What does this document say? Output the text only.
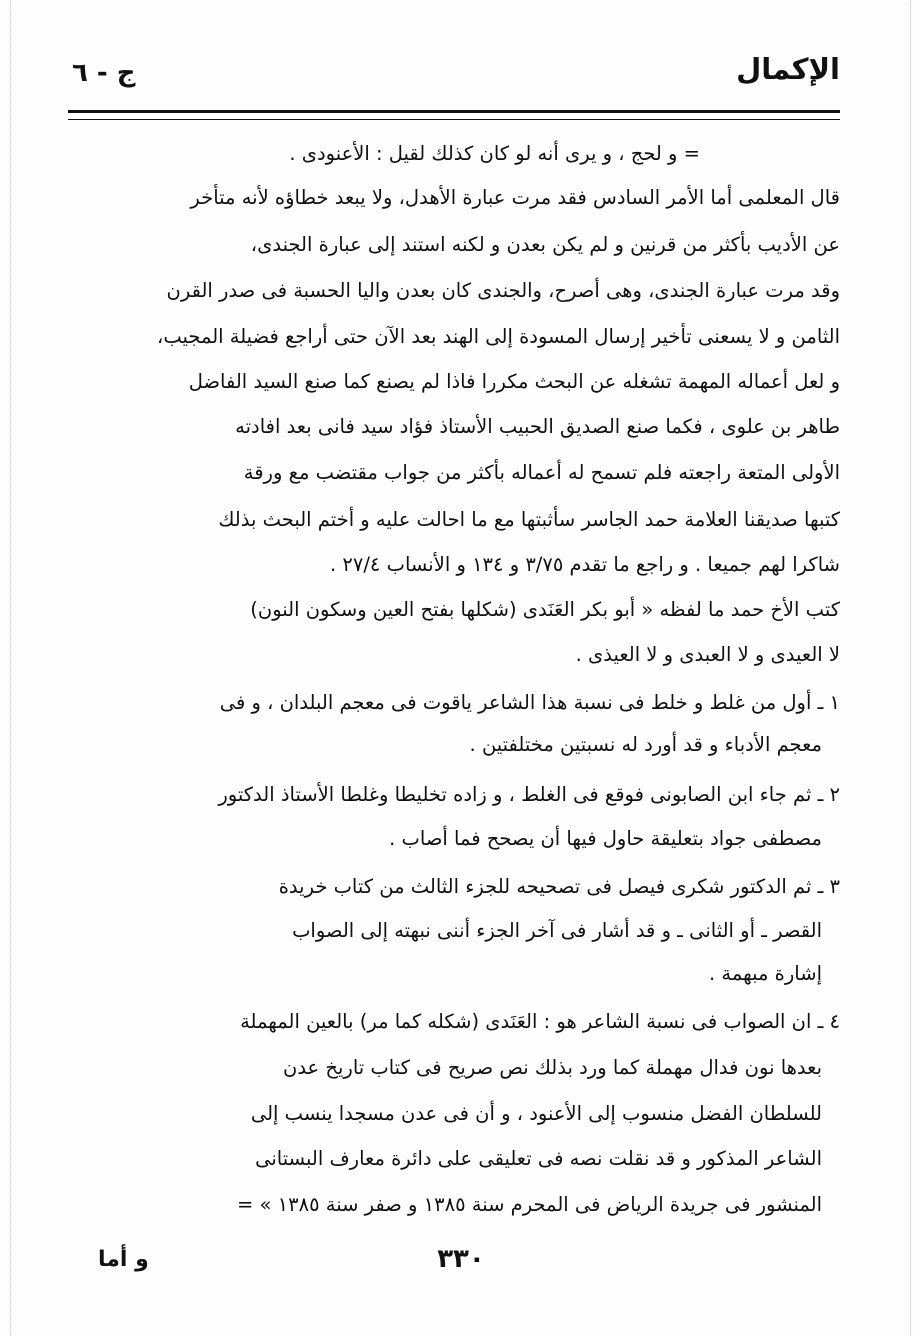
الإكمال
ج - ٦
= و لحج ، و يرى أنه لو كان كذلك لقيل : الأعنودى .
قال المعلمى أما الأمر السادس فقد مرت عبارة الأهدل، ولا يبعد خطاؤه لأنه متأخر
عن الأديب بأكثر من قرنين و لم يكن بعدن و لكنه استند إلى عبارة الجندى،
وقد مرت عبارة الجندى، وهى أصرح، والجندى كان بعدن واليا الحسبة فى صدر القرن
الثامن و لا يسعنى تأخير إرسال المسودة إلى الهند بعد الآن حتى أراجع فضيلة المجيب،
و لعل أعماله المهمة تشغله عن البحث مكررا فاذا لم يصنع كما صنع السيد الفاضل
طاهر بن علوى ، فكما صنع الصديق الحبيب الأستاذ فؤاد سيد فانى بعد افادته
الأولى المتعة راجعته فلم تسمح له أعماله بأكثر من جواب مقتضب مع ورقة
كتبها صديقنا العلامة حمد الجاسر سأثبتها مع ما احالت عليه و أختم البحث بذلك
شاكرا لهم جميعا . و راجع ما تقدم ٣/٧٥ و ١٣٤ و الأنساب ٢٧/٤ .
كتب الأخ حمد ما لفظه « أبو بكر العَنَدى (شكلها بفتح العين وسكون النون)
لا العيدى و لا العبدى و لا العيذى .
١ ـ أول من غلط و خلط فى نسبة هذا الشاعر ياقوت فى معجم البلدان ، و فى
معجم الأدباء و قد أورد له نسبتين مختلفتين .
٢ ـ ثم جاء ابن الصابونى فوقع فى الغلط ، و زاده تخليطا وغلطا الأستاذ الدكتور
مصطفى جواد بتعليقة حاول فيها أن يصحح فما أصاب .
٣ ـ ثم الدكتور شكرى فيصل فى تصحيحه للجزء الثالث من كتاب خريدة
القصر ـ أو الثانى ـ و قد أشار فى آخر الجزء أننى نبهته إلى الصواب
إشارة مبهمة .
٤ ـ ان الصواب فى نسبة الشاعر هو : العَنَدى (شكله كما مر) بالعين المهملة
بعدها نون فدال مهملة كما ورد بذلك نص صريح فى كتاب تاريخ عدن
للسلطان الفضل منسوب إلى الأعنود ، و أن فى عدن مسجدا ينسب إلى
الشاعر المذكور و قد نقلت نصه فى تعليقى على دائرة معارف البستانى
المنشور فى جريدة الرياض فى المحرم سنة ١٣٨٥ و صفر سنة ١٣٨٥ » =
٣٣٠
و أما
